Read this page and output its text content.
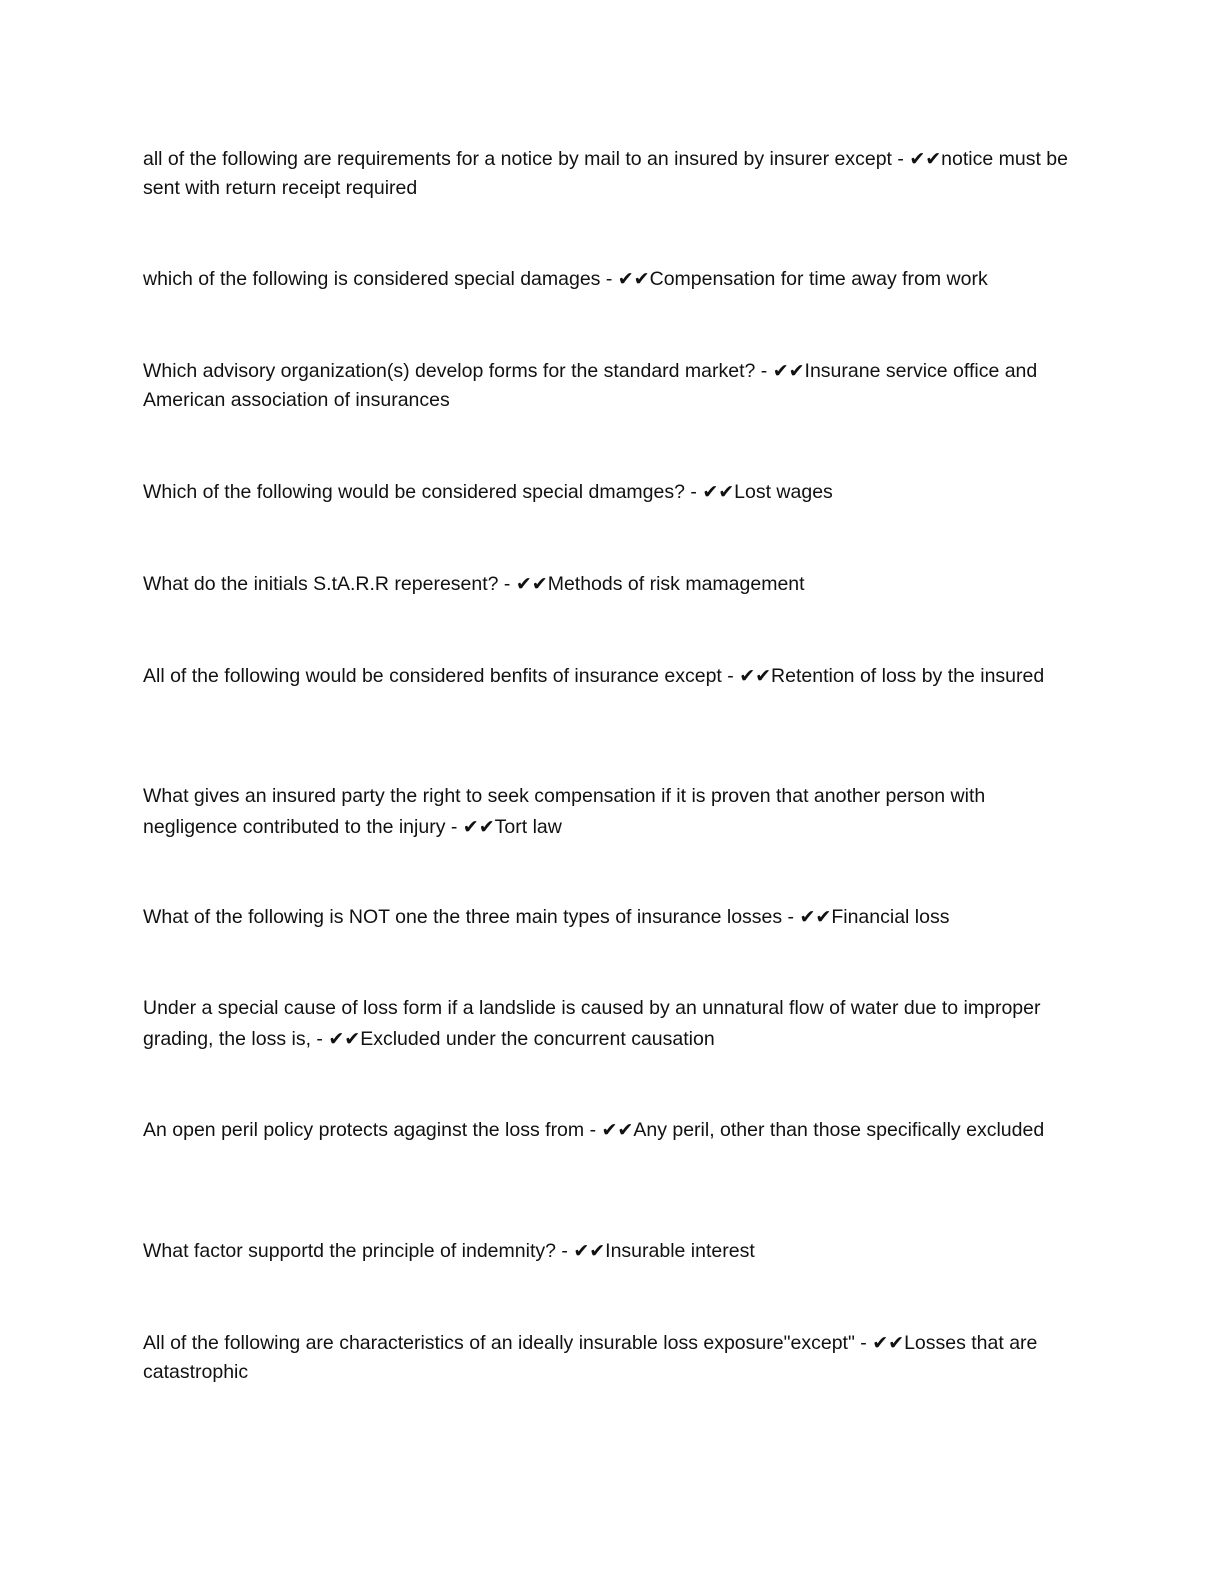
all of the following are requirements for a notice by mail to an insured by insurer except - ✔✔notice must be sent with return receipt required
which of the following is considered special damages - ✔✔Compensation for time away from work
Which advisory organization(s) develop forms for the standard market? - ✔✔Insurane service office and American association of insurances
Which of the following would be considered special dmamges? - ✔✔Lost wages
What do the initials S.tA.R.R reperesent? - ✔✔Methods of risk mamagement
All of the following would be considered benfits of insurance except - ✔✔Retention of loss by the insured
What gives an insured party the right to seek compensation if it is proven that another person with negligence contributed to the injury - ✔✔Tort law
What of the following is NOT one the three main types of insurance losses - ✔✔Financial loss
Under a special cause of loss form if a landslide is caused by an unnatural flow of water due to improper grading, the loss is, - ✔✔Excluded under the concurrent causation
An open peril policy protects agaginst the loss from - ✔✔Any peril, other than those specifically excluded
What factor supportd the principle of indemnity? - ✔✔Insurable interest
All of the following are characteristics of an ideally insurable loss exposure"except" - ✔✔Losses that are catastrophic
